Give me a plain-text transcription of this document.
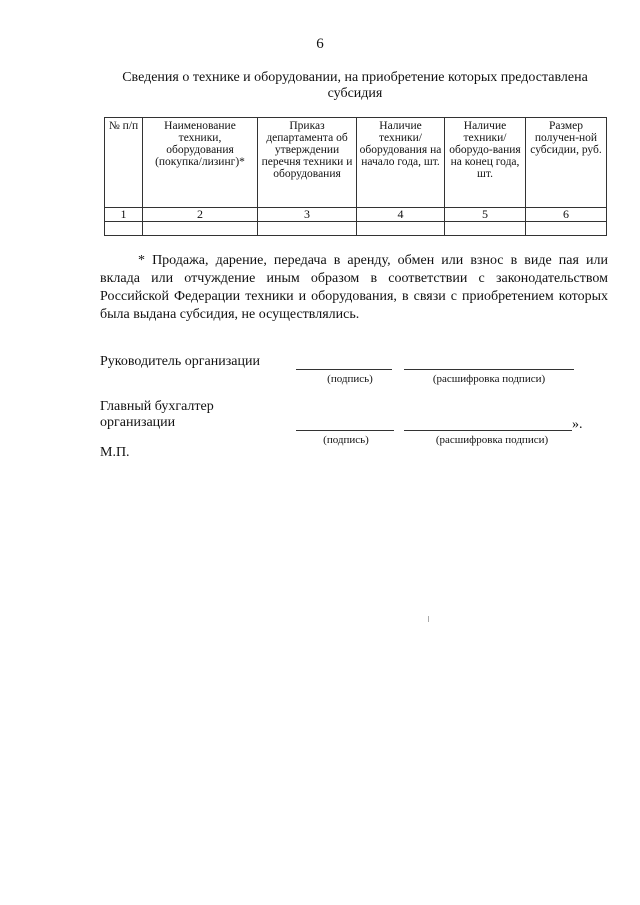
6
Сведения о технике и оборудовании, на приобретение которых предоставлена субсидия
№ п/п	Наименование техники, оборудования (покупка/лизинг)*	Приказ департамента об утверждении перечня техники и оборудования	Наличие техники/ оборудования на начало года, шт.	Наличие техники/ оборудо-вания на конец года, шт.	Размер получен-ной субсидии, руб.
1	2	3	4	5	6

* Продажа, дарение, передача в аренду, обмен или взнос в виде пая или вклада или отчуждение иным образом в соответствии с законодательством Российской Федерации техники и оборудования, в связи с приобретением которых была выдана субсидия, не осуществлялись.

Руководитель организации
(подпись)	(расшифровка подписи)
Главный бухгалтер
организации	».
(подпись)	(расшифровка подписи)
М.П.
